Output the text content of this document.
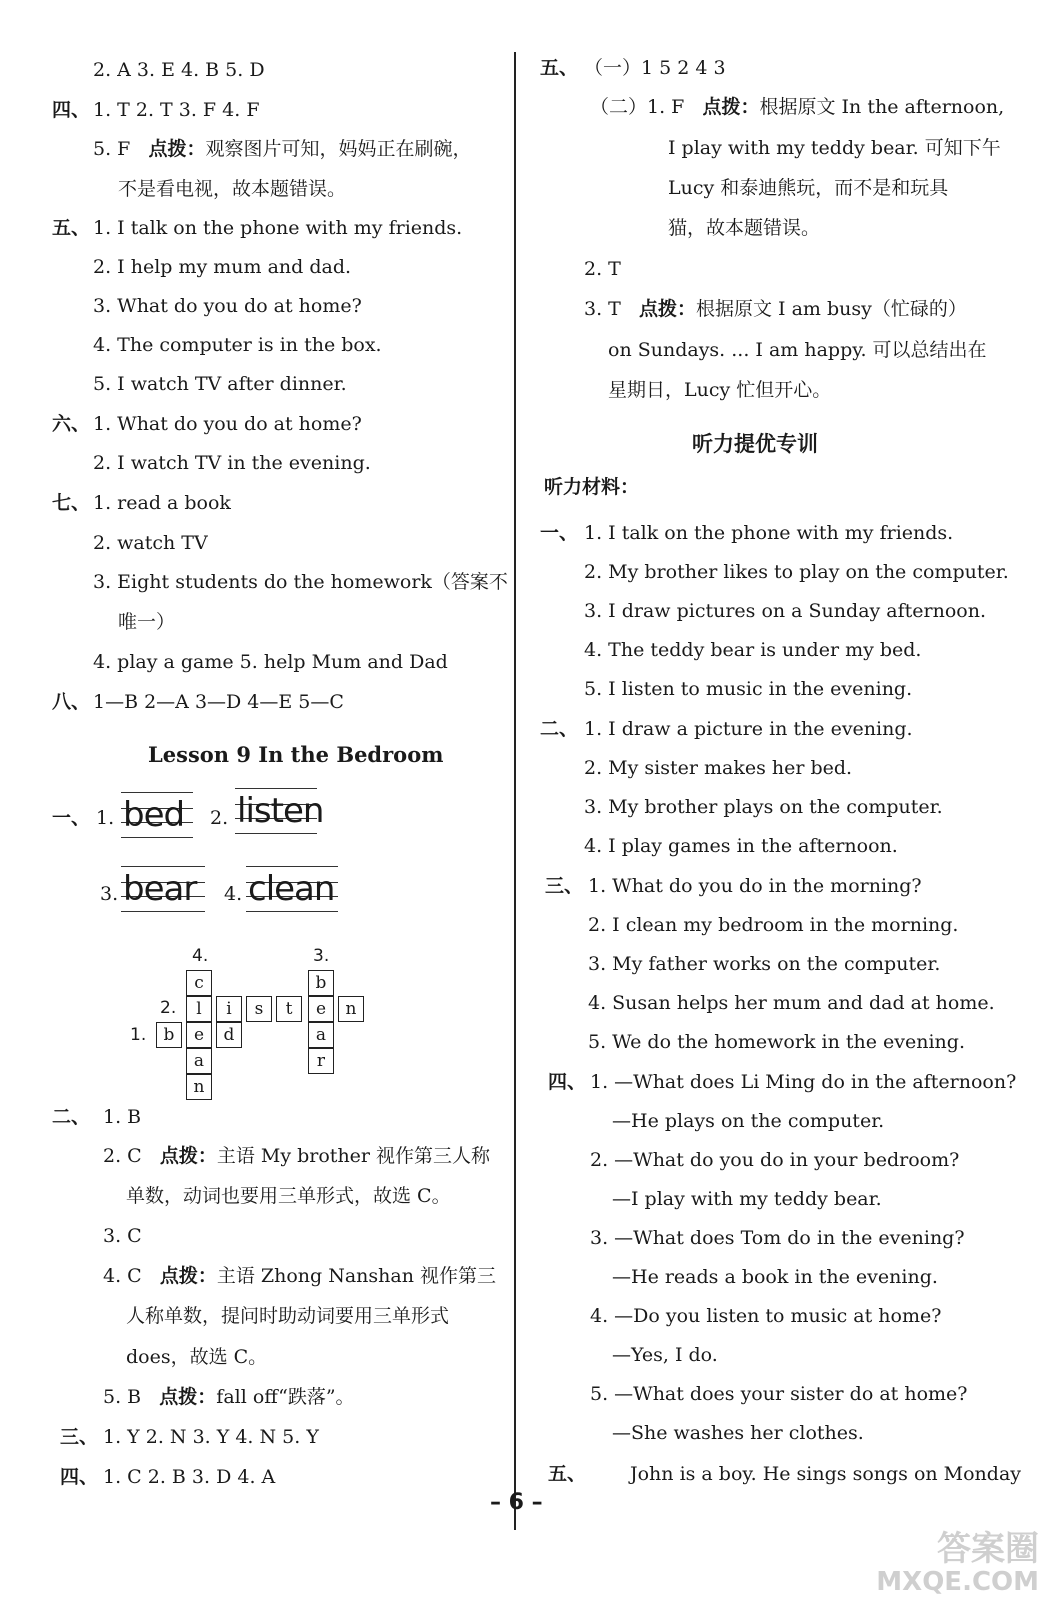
2. A 3. E 4. B 5. D
四、 1. T 2. T 3. F 4. F
5. F 点拨：观察图片可知，妈妈正在刷碗，
不是看电视，故本题错误。
五、 1. I talk on the phone with my friends.
2. I help my mum and dad.
3. What do you do at home?
4. The computer is in the box.
5. I watch TV after dinner.
六、 1. What do you do at home?
2. I watch TV in the evening.
七、 1. read a book
2. watch TV
3. Eight students do the homework（答案不
唯一）
4. play a game 5. help Mum and Dad
八、 1—B 2—A 3—D 4—E 5—C
Lesson 9 In the Bedroom
一、 1. bed 2. listen
3. bear 4. clean
4.	3.
2.
1.
c
l
e
a
n
b
e
a
r
i	s	t	n
b	d
二、 1. B
2. C 点拨：主语 My brother 视作第三人称
单数，动词也要用三单形式，故选 C。
3. C
4. C 点拨：主语 Zhong Nanshan 视作第三
人称单数，提问时助动词要用三单形式
does，故选 C。
5. B 点拨：fall off“跌落”。
三、 1. Y 2. N 3. Y 4. N 5. Y
四、 1. C 2. B 3. D 4. A
五、 （一）1 5 2 4 3
（二）1. F 点拨：根据原文 In the afternoon,
I play with my teddy bear. 可知下午
Lucy 和泰迪熊玩，而不是和玩具
猫，故本题错误。
2. T
3. T 点拨：根据原文 I am busy（忙碌的）
on Sundays. ... I am happy. 可以总结出在
星期日，Lucy 忙但开心。
听力提优专训
听力材料：
一、 1. I talk on the phone with my friends.
2. My brother likes to play on the computer.
3. I draw pictures on a Sunday afternoon.
4. The teddy bear is under my bed.
5. I listen to music in the evening.
二、 1. I draw a picture in the evening.
2. My sister makes her bed.
3. My brother plays on the computer.
4. I play games in the afternoon.
三、 1. What do you do in the morning?
2. I clean my bedroom in the morning.
3. My father works on the computer.
4. Susan helps her mum and dad at home.
5. We do the homework in the evening.
四、 1. —What does Li Ming do in the afternoon?
—He plays on the computer.
2. —What do you do in your bedroom?
—I play with my teddy bear.
3. —What does Tom do in the evening?
—He reads a book in the evening.
4. —Do you listen to music at home?
—Yes, I do.
5. —What does your sister do at home?
—She washes her clothes.
五、 John is a boy. He sings songs on Monday
– 6 –
答案圈
MXQE.COM
